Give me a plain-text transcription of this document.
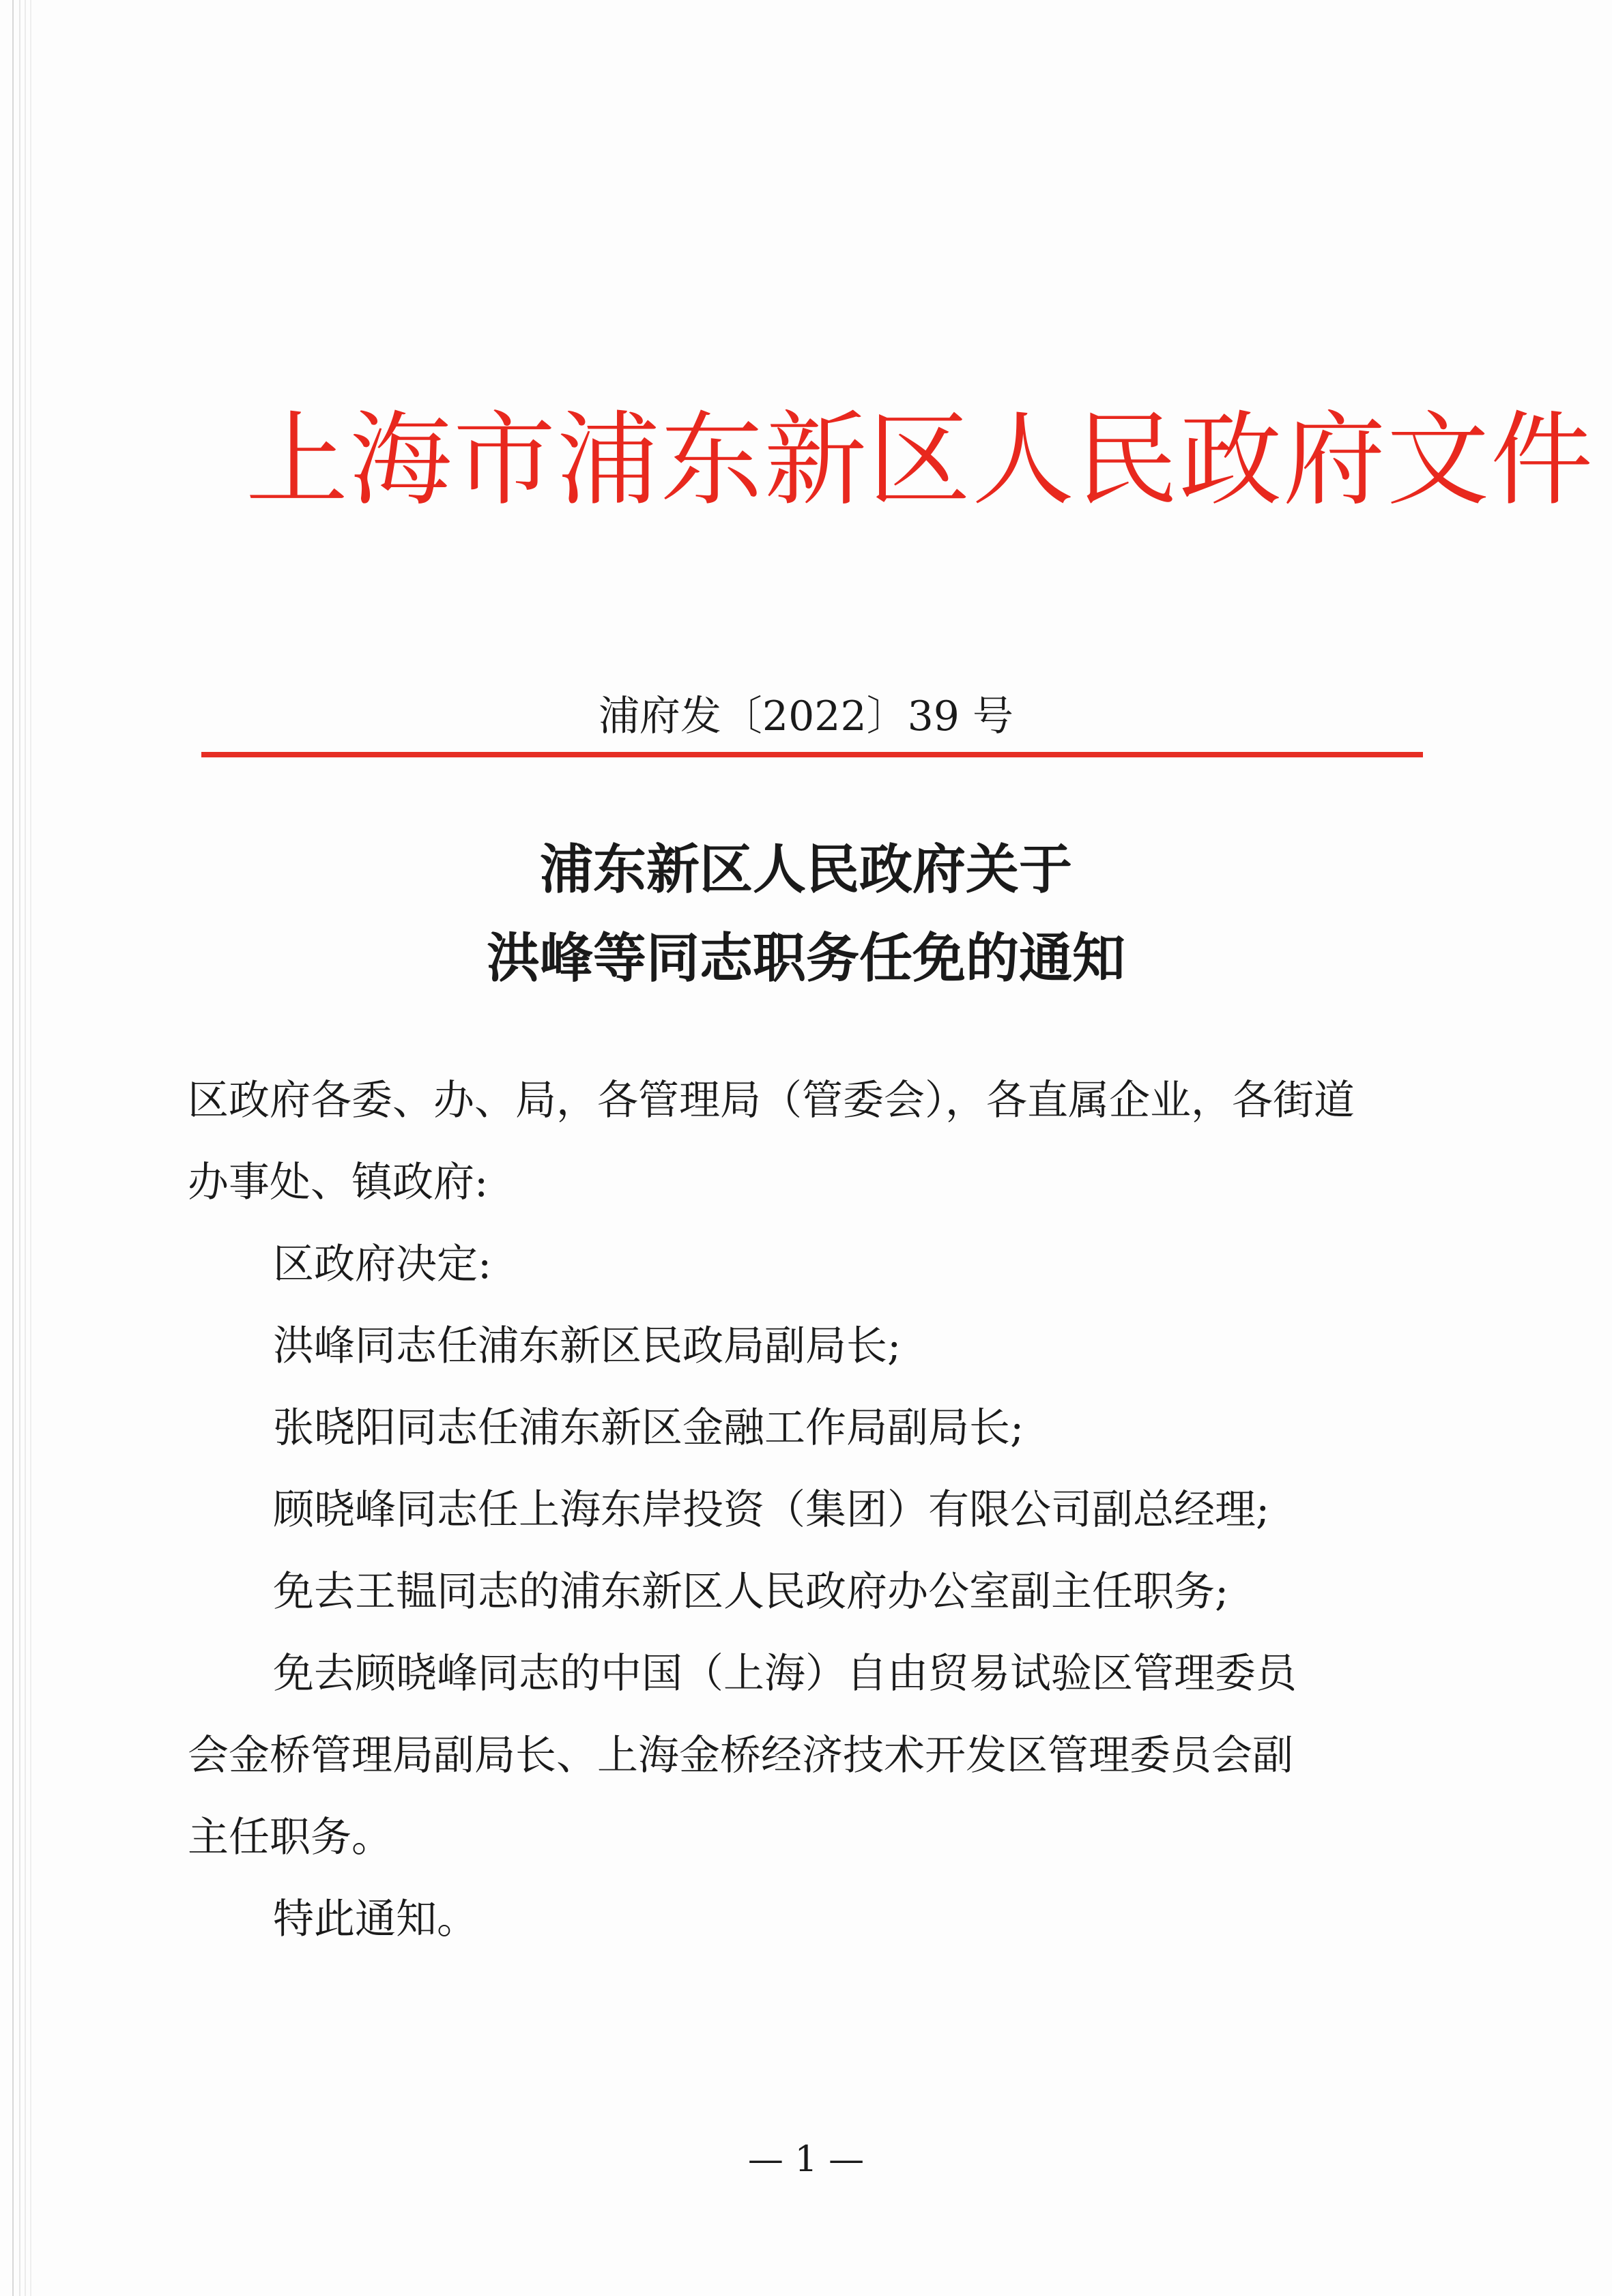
上海市浦东新区人民政府文件
浦府发〔2022〕39 号
浦东新区人民政府关于
洪峰等同志职务任免的通知
区政府各委、办、局，各管理局（管委会），各直属企业，各街道
办事处、镇政府:
区政府决定:
洪峰同志任浦东新区民政局副局长;
张晓阳同志任浦东新区金融工作局副局长;
顾晓峰同志任上海东岸投资（集团）有限公司副总经理;
免去王韫同志的浦东新区人民政府办公室副主任职务;
免去顾晓峰同志的中国（上海）自由贸易试验区管理委员
会金桥管理局副局长、上海金桥经济技术开发区管理委员会副
主任职务。
特此通知。
— 1 —
